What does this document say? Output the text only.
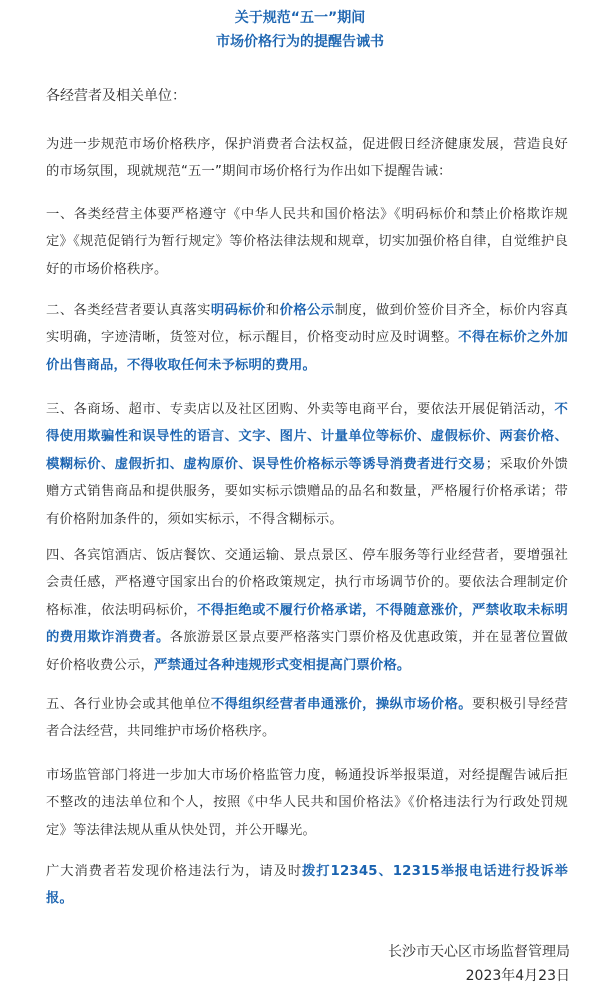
关于规范“五一”期间
市场价格行为的提醒告诫书
各经营者及相关单位：
为进一步规范市场价格秩序，保护消费者合法权益，促进假日经济健康发展，营造良好的市场氛围，现就规范“五一”期间市场价格行为作出如下提醒告诫：
一、各类经营主体要严格遵守《中华人民共和国价格法》《明码标价和禁止价格欺诈规定》《规范促销行为暂行规定》等价格法律法规和规章，切实加强价格自律，自觉维护良好的市场价格秩序。
二、各类经营者要认真落实明码标价和价格公示制度，做到价签价目齐全，标价内容真实明确，字迹清晰，货签对位，标示醒目，价格变动时应及时调整。不得在标价之外加价出售商品，不得收取任何未予标明的费用。
三、各商场、超市、专卖店以及社区团购、外卖等电商平台，要依法开展促销活动，不得使用欺骗性和误导性的语言、文字、图片、计量单位等标价、虚假标价、两套价格、模糊标价、虚假折扣、虚构原价、误导性价格标示等诱导消费者进行交易；采取价外馈赠方式销售商品和提供服务，要如实标示馈赠品的品名和数量，严格履行价格承诺；带有价格附加条件的，须如实标示，不得含糊标示。
四、各宾馆酒店、饭店餐饮、交通运输、景点景区、停车服务等行业经营者，要增强社会责任感，严格遵守国家出台的价格政策规定，执行市场调节价的。要依法合理制定价格标准，依法明码标价，不得拒绝或不履行价格承诺，不得随意涨价，严禁收取未标明的费用欺诈消费者。各旅游景区景点要严格落实门票价格及优惠政策，并在显著位置做好价格收费公示，严禁通过各种违规形式变相提高门票价格。
五、各行业协会或其他单位不得组织经营者串通涨价，操纵市场价格。要积极引导经营者合法经营，共同维护市场价格秩序。
市场监管部门将进一步加大市场价格监管力度，畅通投诉举报渠道，对经提醒告诫后拒不整改的违法单位和个人，按照《中华人民共和国价格法》《价格违法行为行政处罚规定》等法律法规从重从快处罚，并公开曝光。
广大消费者若发现价格违法行为，请及时拨打12345、12315举报电话进行投诉举报。
长沙市天心区市场监督管理局
2023年4月23日
